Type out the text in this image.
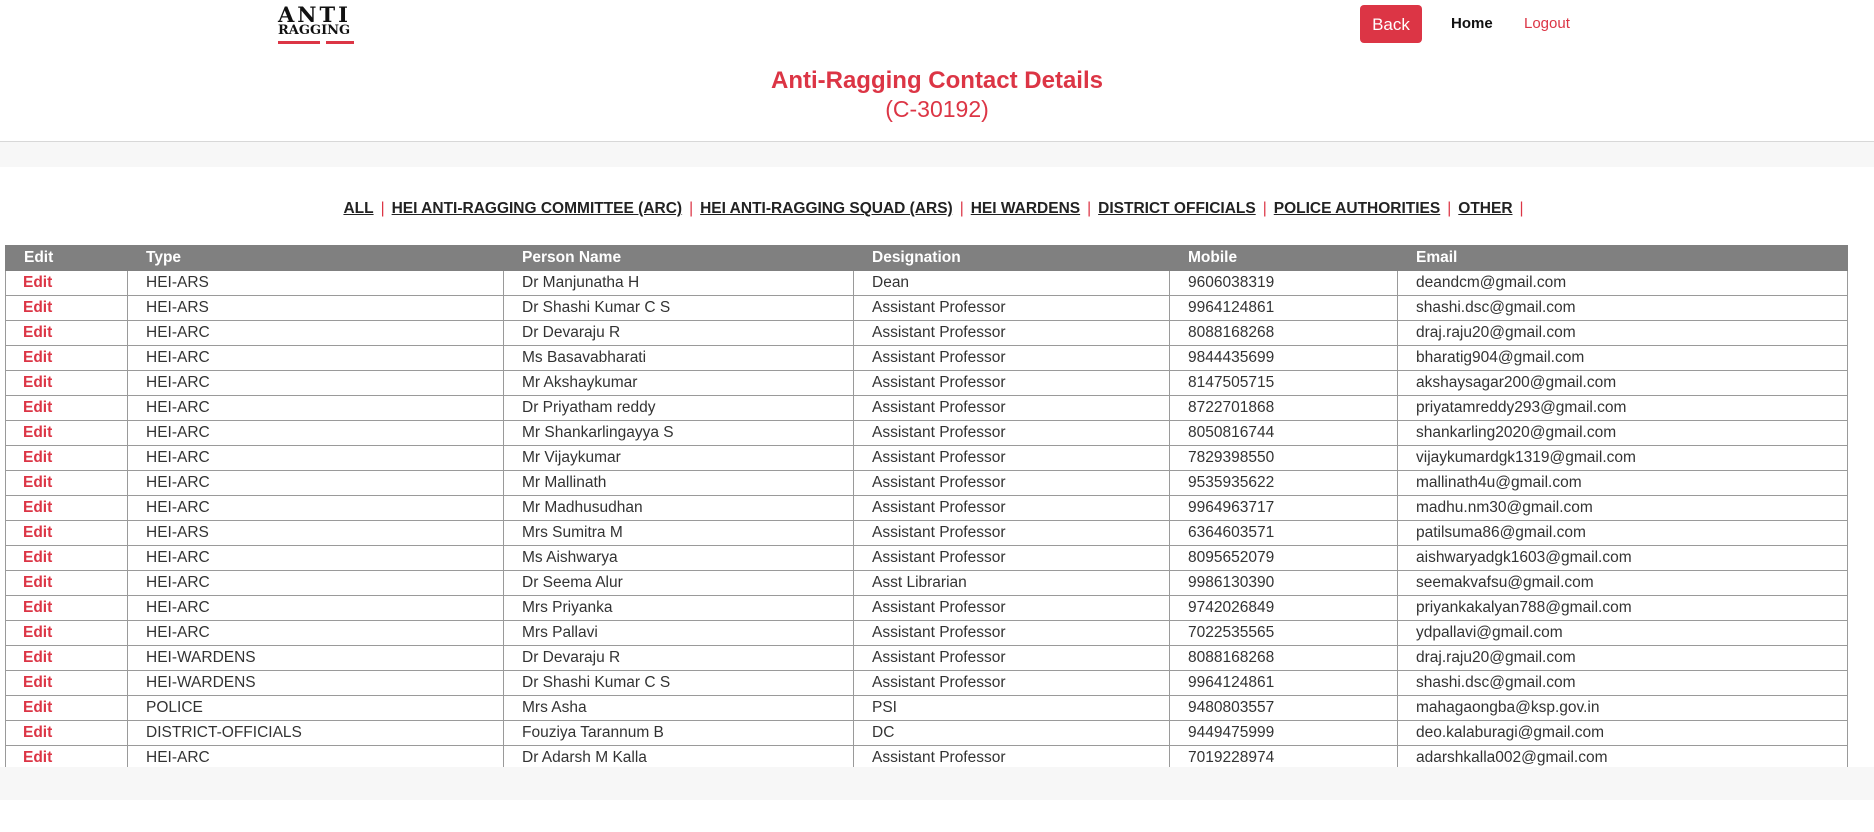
ANTI
RAGGING	Back	Home Logout
Anti-Ragging Contact Details
(C-30192)
ALL | HEI ANTI-RAGGING COMMITTEE (ARC) | HEI ANTI-RAGGING SQUAD (ARS) | HEI WARDENS | DISTRICT OFFICIALS | POLICE AUTHORITIES | OTHER |
Edit	Type	Person Name	Designation	Mobile	Email
Edit	HEI-ARS	Dr Manjunatha H	Dean	9606038319	deandcm@gmail.com
Edit	HEI-ARS	Dr Shashi Kumar C S	Assistant Professor	9964124861	shashi.dsc@gmail.com
Edit	HEI-ARC	Dr Devaraju R	Assistant Professor	8088168268	draj.raju20@gmail.com
Edit	HEI-ARC	Ms Basavabharati	Assistant Professor	9844435699	bharatig904@gmail.com
Edit	HEI-ARC	Mr Akshaykumar	Assistant Professor	8147505715	akshaysagar200@gmail.com
Edit	HEI-ARC	Dr Priyatham reddy	Assistant Professor	8722701868	priyatamreddy293@gmail.com
Edit	HEI-ARC	Mr Shankarlingayya S	Assistant Professor	8050816744	shankarling2020@gmail.com
Edit	HEI-ARC	Mr Vijaykumar	Assistant Professor	7829398550	vijaykumardgk1319@gmail.com
Edit	HEI-ARC	Mr Mallinath	Assistant Professor	9535935622	mallinath4u@gmail.com
Edit	HEI-ARC	Mr Madhusudhan	Assistant Professor	9964963717	madhu.nm30@gmail.com
Edit	HEI-ARS	Mrs Sumitra M	Assistant Professor	6364603571	patilsuma86@gmail.com
Edit	HEI-ARC	Ms Aishwarya	Assistant Professor	8095652079	aishwaryadgk1603@gmail.com
Edit	HEI-ARC	Dr Seema Alur	Asst Librarian	9986130390	seemakvafsu@gmail.com
Edit	HEI-ARC	Mrs Priyanka	Assistant Professor	9742026849	priyankakalyan788@gmail.com
Edit	HEI-ARC	Mrs Pallavi	Assistant Professor	7022535565	ydpallavi@gmail.com
Edit	HEI-WARDENS	Dr Devaraju R	Assistant Professor	8088168268	draj.raju20@gmail.com
Edit	HEI-WARDENS	Dr Shashi Kumar C S	Assistant Professor	9964124861	shashi.dsc@gmail.com
Edit	POLICE	Mrs Asha	PSI	9480803557	mahagaongba@ksp.gov.in
Edit	DISTRICT-OFFICIALS	Fouziya Tarannum B	DC	9449475999	deo.kalaburagi@gmail.com
Edit	HEI-ARC	Dr Adarsh M Kalla	Assistant Professor	7019228974	adarshkalla002@gmail.com
